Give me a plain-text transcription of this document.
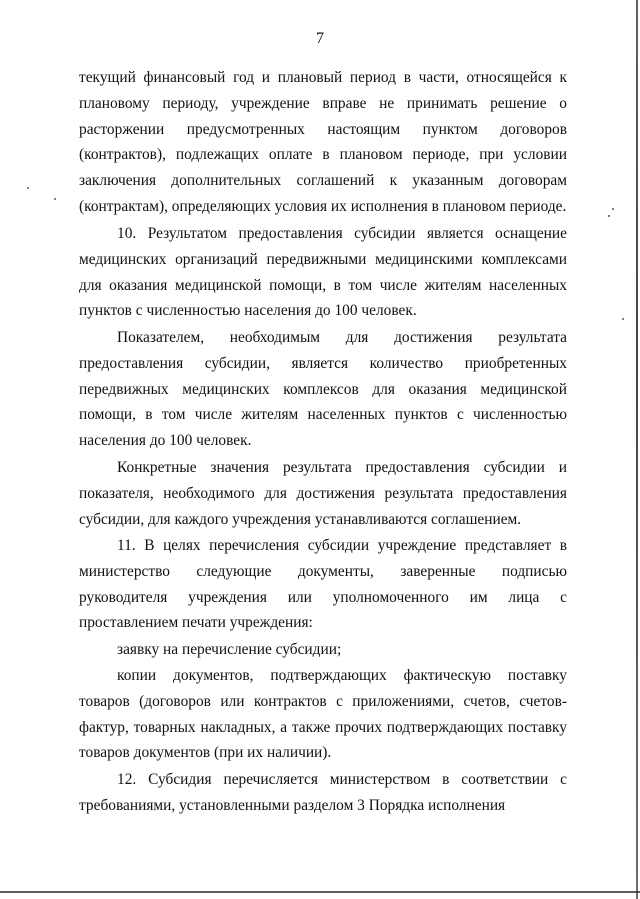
7

текущий финансовый год и плановый период в части, относящейся к плановому периоду, учреждение вправе не принимать решение о расторжении предусмотренных настоящим пунктом договоров (контрактов), подлежащих оплате в плановом периоде, при условии заключения дополнительных соглашений к указанным договорам (контрактам), определяющих условия их исполнения в плановом периоде.

10. Результатом предоставления субсидии является оснащение медицинских организаций передвижными медицинскими комплексами для оказания медицинской помощи, в том числе жителям населенных пунктов с численностью населения до 100 человек.

Показателем, необходимым для достижения результата предоставления субсидии, является количество приобретенных передвижных медицинских комплексов для оказания медицинской помощи, в том числе жителям населенных пунктов с численностью населения до 100 человек.

Конкретные значения результата предоставления субсидии и показателя, необходимого для достижения результата предоставления субсидии, для каждого учреждения устанавливаются соглашением.

11. В целях перечисления субсидии учреждение представляет в министерство следующие документы, заверенные подписью руководителя учреждения или уполномоченного им лица с проставлением печати учреждения:

заявку на перечисление субсидии;

копии документов, подтверждающих фактическую поставку товаров (договоров или контрактов с приложениями, счетов, счетов-фактур, товарных накладных, а также прочих подтверждающих поставку товаров документов (при их наличии).

12. Субсидия перечисляется министерством в соответствии с требованиями, установленными разделом 3 Порядка исполнения
